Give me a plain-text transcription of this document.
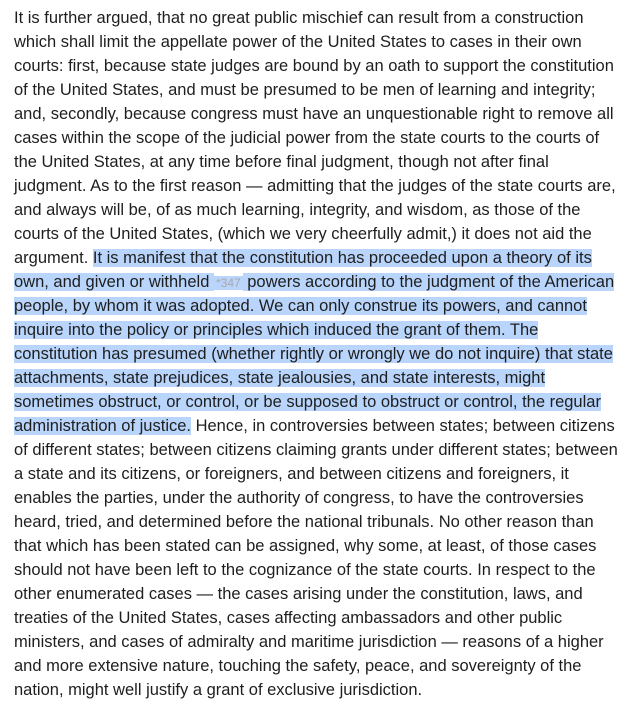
It is further argued, that no great public mischief can result from a construction
which shall limit the appellate power of the United States to cases in their own
courts: first, because state judges are bound by an oath to support the constitution
of the United States, and must be presumed to be men of learning and integrity;
and, secondly, because congress must have an unquestionable right to remove all
cases within the scope of the judicial power from the state courts to the courts of
the United States, at any time before final judgment, though not after final
judgment. As to the first reason — admitting that the judges of the state courts are,
and always will be, of as much learning, integrity, and wisdom, as those of the
courts of the United States, (which we very cheerfully admit,) it does not aid the
argument. It is manifest that the constitution has proceeded upon a theory of its
own, and given or withheld *347 powers according to the judgment of the American
people, by whom it was adopted. We can only construe its powers, and cannot
inquire into the policy or principles which induced the grant of them. The
constitution has presumed (whether rightly or wrongly we do not inquire) that state
attachments, state prejudices, state jealousies, and state interests, might
sometimes obstruct, or control, or be supposed to obstruct or control, the regular
administration of justice. Hence, in controversies between states; between citizens
of different states; between citizens claiming grants under different states; between
a state and its citizens, or foreigners, and between citizens and foreigners, it
enables the parties, under the authority of congress, to have the controversies
heard, tried, and determined before the national tribunals. No other reason than
that which has been stated can be assigned, why some, at least, of those cases
should not have been left to the cognizance of the state courts. In respect to the
other enumerated cases — the cases arising under the constitution, laws, and
treaties of the United States, cases affecting ambassadors and other public
ministers, and cases of admiralty and maritime jurisdiction — reasons of a higher
and more extensive nature, touching the safety, peace, and sovereignty of the
nation, might well justify a grant of exclusive jurisdiction.
